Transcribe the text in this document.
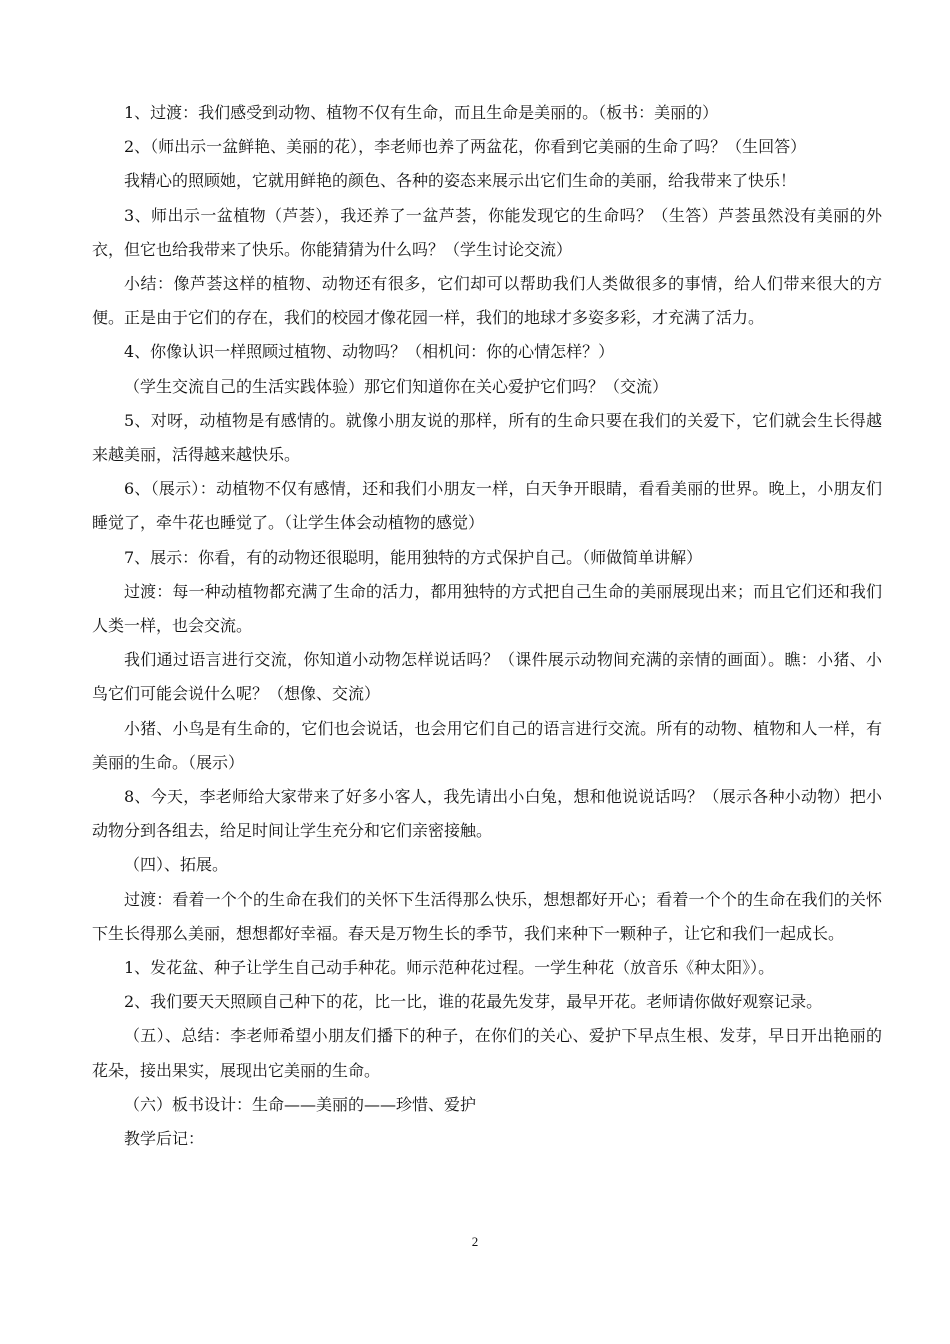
1、过渡：我们感受到动物、植物不仅有生命，而且生命是美丽的。（板书：美丽的）

2、（师出示一盆鲜艳、美丽的花），李老师也养了两盆花，你看到它美丽的生命了吗？（生回答）

我精心的照顾她，它就用鲜艳的颜色、各种的姿态来展示出它们生命的美丽，给我带来了快乐！

3、师出示一盆植物（芦荟），我还养了一盆芦荟，你能发现它的生命吗？（生答）芦荟虽然没有美丽的外衣，但它也给我带来了快乐。你能猜猜为什么吗？（学生讨论交流）

小结：像芦荟这样的植物、动物还有很多，它们却可以帮助我们人类做很多的事情，给人们带来很大的方便。正是由于它们的存在，我们的校园才像花园一样，我们的地球才多姿多彩，才充满了活力。

4、你像认识一样照顾过植物、动物吗？（相机问：你的心情怎样？）

（学生交流自己的生活实践体验）那它们知道你在关心爱护它们吗？（交流）

5、对呀，动植物是有感情的。就像小朋友说的那样，所有的生命只要在我们的关爱下，它们就会生长得越来越美丽，活得越来越快乐。

6、（展示）：动植物不仅有感情，还和我们小朋友一样，白天争开眼睛，看看美丽的世界。晚上，小朋友们睡觉了，牵牛花也睡觉了。（让学生体会动植物的感觉）

7、展示：你看，有的动物还很聪明，能用独特的方式保护自己。（师做简单讲解）

过渡：每一种动植物都充满了生命的活力，都用独特的方式把自己生命的美丽展现出来；而且它们还和我们人类一样，也会交流。

我们通过语言进行交流，你知道小动物怎样说话吗？（课件展示动物间充满的亲情的画面）。瞧：小猪、小鸟它们可能会说什么呢？（想像、交流）

小猪、小鸟是有生命的，它们也会说话，也会用它们自己的语言进行交流。所有的动物、植物和人一样，有美丽的生命。（展示）

8、今天，李老师给大家带来了好多小客人，我先请出小白兔，想和他说说话吗？（展示各种小动物）把小动物分到各组去，给足时间让学生充分和它们亲密接触。

（四）、拓展。

过渡：看着一个个的生命在我们的关怀下生活得那么快乐，想想都好开心；看着一个个的生命在我们的关怀下生长得那么美丽，想想都好幸福。春天是万物生长的季节，我们来种下一颗种子，让它和我们一起成长。

1、发花盆、种子让学生自己动手种花。师示范种花过程。一学生种花（放音乐《种太阳》）。

2、我们要天天照顾自己种下的花，比一比，谁的花最先发芽，最早开花。老师请你做好观察记录。

（五）、总结：李老师希望小朋友们播下的种子，在你们的关心、爱护下早点生根、发芽，早日开出艳丽的花朵，接出果实，展现出它美丽的生命。

（六）板书设计：生命——美丽的——珍惜、爱护

教学后记：

2
